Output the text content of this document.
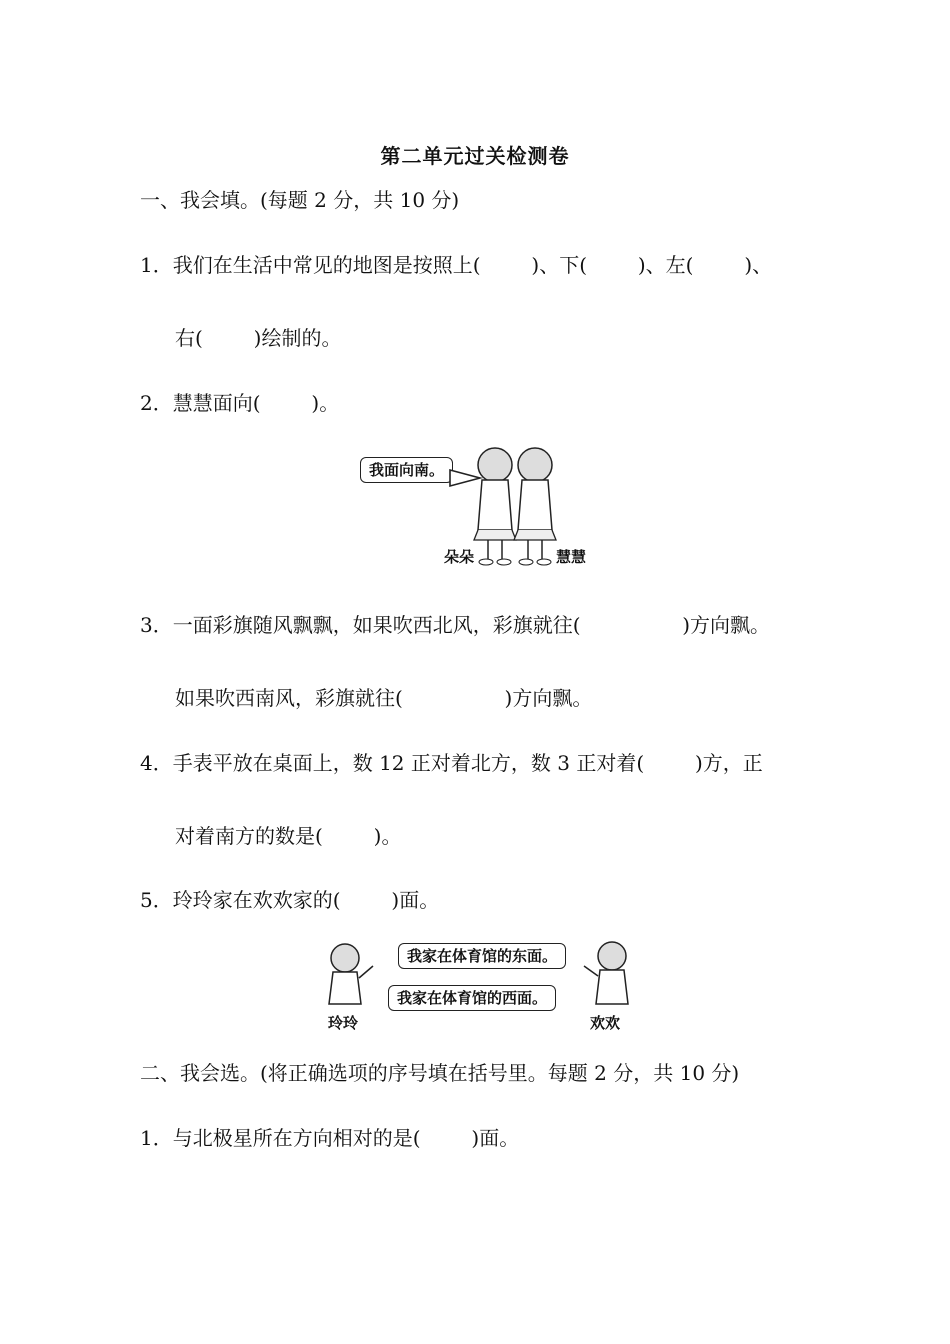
第二单元过关检测卷
一、我会填。(每题 2 分，共 10 分)
1．我们在生活中常见的地图是按照上(        )、下(        )、左(        )、
右(        )绘制的。
2．慧慧面向(        )。
我面向南。
朵朵	慧慧
3．一面彩旗随风飘飘，如果吹西北风，彩旗就往(                )方向飘。
如果吹西南风，彩旗就往(                )方向飘。
4．手表平放在桌面上，数 12 正对着北方，数 3 正对着(        )方，正
对着南方的数是(        )。
5．玲玲家在欢欢家的(        )面。
我家在体育馆的东面。
我家在体育馆的西面。
玲玲	欢欢
二、我会选。(将正确选项的序号填在括号里。每题 2 分，共 10 分)
1．与北极星所在方向相对的是(        )面。
